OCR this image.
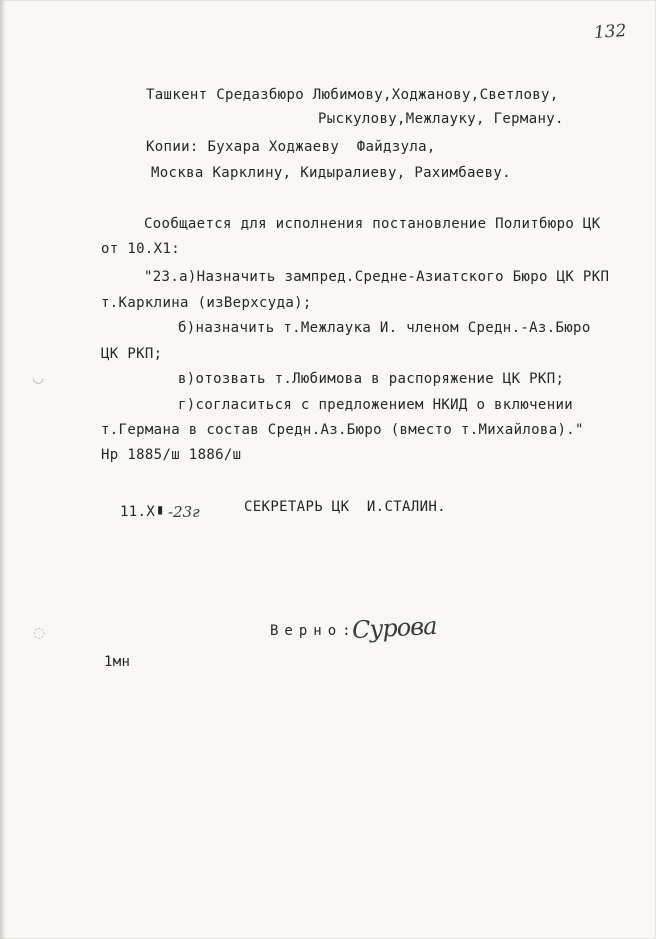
132
Ташкент Средазбюро Любимову,Ходжанову,Светлову,
Рыскулову,Межлауку, Герману.
Копии: Бухара Ходжаеву  Файдзула,
Москва Карклину, Кидыралиеву, Рахимбаеву.
Сообщается для исполнения постановление Политбюро ЦК
от 10.Х1:
"23.а)Назначить зампред.Средне-Азиатского Бюро ЦК РКП
т.Карклина (изВерхсуда);
б)назначить т.Межлаука И. членом Средн.-Аз.Бюро
ЦК РКП;
в)отозвать т.Любимова в распоряжение ЦК РКП;
г)согласиться с предложением НКИД о включении
т.Германа в состав Средн.Аз.Бюро (вместо т.Михайлова)."
Нр 1885/ш 1886/ш
11.Х ▮ -23г	СЕКРЕТАРЬ ЦК  И.СТАЛИН.
Верно:
Сурова
1мн
◡
◌
